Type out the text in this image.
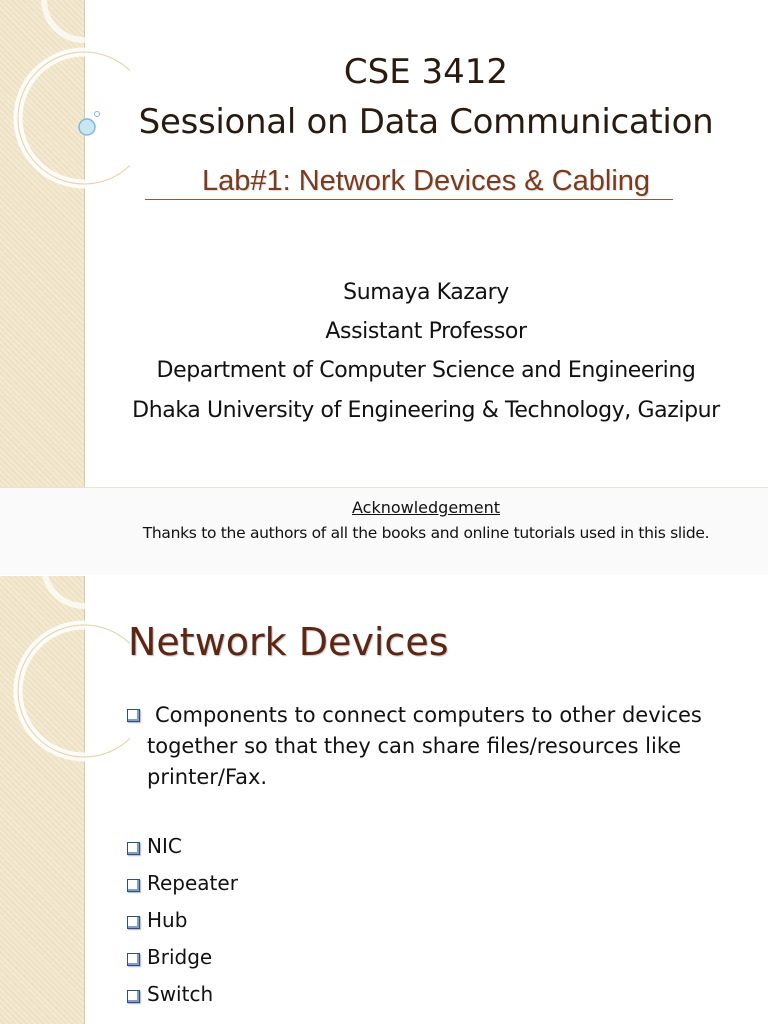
CSE 3412
Sessional on Data Communication
Lab#1: Network Devices & Cabling
Sumaya Kazary
Assistant Professor
Department of Computer Science and Engineering
Dhaka University of Engineering & Technology, Gazipur
Acknowledgement
Thanks to the authors of all the books and online tutorials used in this slide.
Network Devices
Components to connect computers to other devices
together so that they can share files/resources like
printer/Fax.
NIC
Repeater
Hub
Bridge
Switch
